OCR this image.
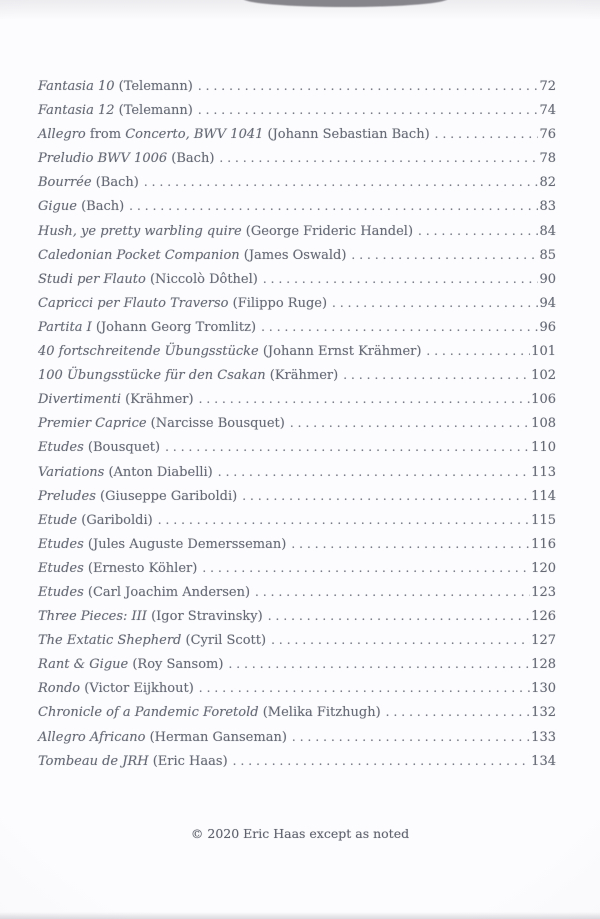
Fantasia 10 (Telemann) .....	72
Fantasia 12 (Telemann) .....	74
Allegro from Concerto, BWV 1041 (Johann Sebastian Bach) .....	76
Preludio BWV 1006 (Bach) .....	78
Bourrée (Bach) .....	82
Gigue (Bach) .....	83
Hush, ye pretty warbling quire (George Frideric Handel) .....	84
Caledonian Pocket Companion (James Oswald) .....	85
Studi per Flauto (Niccolò Dôthel) .....	90
Capricci per Flauto Traverso (Filippo Ruge) .....	94
Partita I (Johann Georg Tromlitz) .....	96
40 fortschreitende Übungsstücke (Johann Ernst Krähmer) .....	101
100 Übungsstücke für den Csakan (Krähmer) .....	102
Divertimenti (Krähmer) .....	106
Premier Caprice (Narcisse Bousquet) .....	108
Etudes (Bousquet) .....	110
Variations (Anton Diabelli) .....	113
Preludes (Giuseppe Gariboldi) .....	114
Etude (Gariboldi) .....	115
Etudes (Jules Auguste Demersseman) .....	116
Etudes (Ernesto Köhler) .....	120
Etudes (Carl Joachim Andersen) .....	123
Three Pieces: III (Igor Stravinsky) .....	126
The Extatic Shepherd (Cyril Scott) .....	127
Rant & Gigue (Roy Sansom) .....	128
Rondo (Victor Eijkhout) .....	130
Chronicle of a Pandemic Foretold (Melika Fitzhugh) .....	132
Allegro Africano (Herman Ganseman) .....	133
Tombeau de JRH (Eric Haas) .....	134
© 2020 Eric Haas except as noted
